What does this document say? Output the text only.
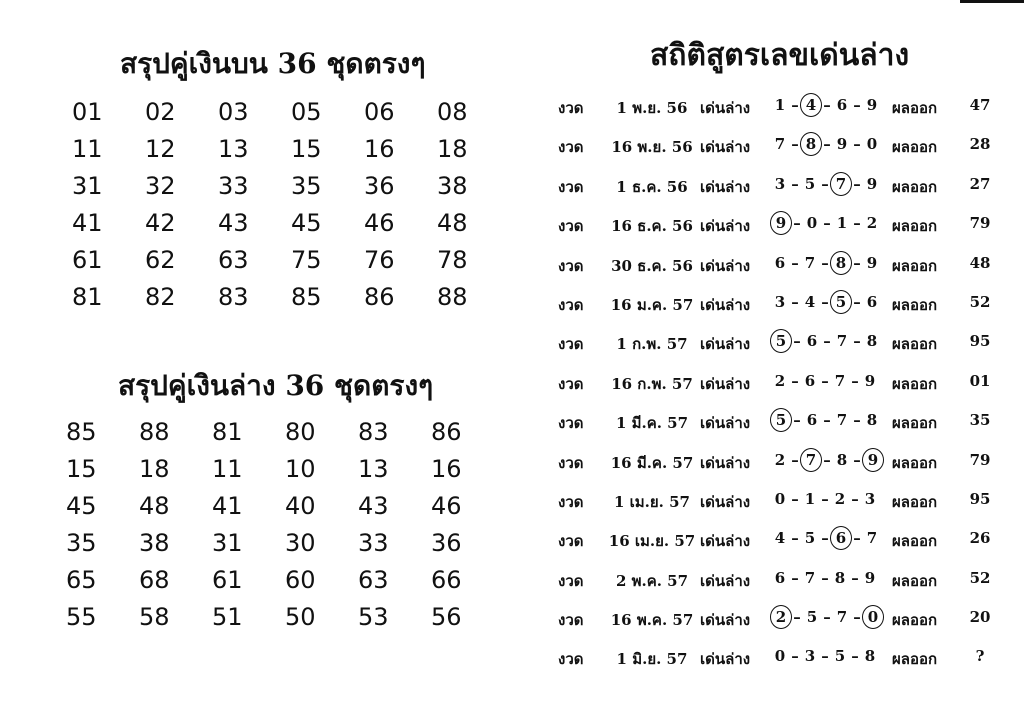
สรุปคู่เงินบน 36 ชุดตรงๆ
01	02	03	05	06	08
11	12	13	15	16	18
31	32	33	35	36	38
41	42	43	45	46	48
61	62	63	75	76	78
81	82	83	85	86	88
สรุปคู่เงินล่าง 36 ชุดตรงๆ
85	88	81	80	83	86
15	18	11	10	13	16
45	48	41	40	43	46
35	38	31	30	33	36
65	68	61	60	63	66
55	58	51	50	53	56
สถิติสูตรเลขเด่นล่าง
งวด	1 พ.ย. 56 เด่นล่าง 1 – 4 – 6 – 9 ผลออก	47
งวด	16 พ.ย. 56 เด่นล่าง 7 – 8 – 9 – 0 ผลออก	28
งวด	1 ธ.ค. 56 เด่นล่าง 3 – 5 – 7 – 9 ผลออก	27
งวด	16 ธ.ค. 56 เด่นล่าง 9 – 0 – 1 – 2 ผลออก	79
งวด	30 ธ.ค. 56 เด่นล่าง 6 – 7 – 8 – 9 ผลออก	48
งวด	16 ม.ค. 57 เด่นล่าง 3 – 4 – 5 – 6 ผลออก	52
งวด	1 ก.พ. 57 เด่นล่าง 5 – 6 – 7 – 8 ผลออก	95
งวด	16 ก.พ. 57 เด่นล่าง 2 – 6 – 7 – 9 ผลออก	01
งวด	1 มี.ค. 57 เด่นล่าง 5 – 6 – 7 – 8 ผลออก	35
งวด	16 มี.ค. 57 เด่นล่าง 2 – 7 – 8 – 9 ผลออก	79
งวด	1 เม.ย. 57 เด่นล่าง 0 – 1 – 2 – 3 ผลออก	95
งวด	16 เม.ย. 57 เด่นล่าง 4 – 5 – 6 – 7 ผลออก	26
งวด	2 พ.ค. 57 เด่นล่าง 6 – 7 – 8 – 9 ผลออก	52
งวด	16 พ.ค. 57 เด่นล่าง 2 – 5 – 7 – 0 ผลออก	20
งวด	1 มิ.ย. 57 เด่นล่าง 0 – 3 – 5 – 8 ผลออก	?
